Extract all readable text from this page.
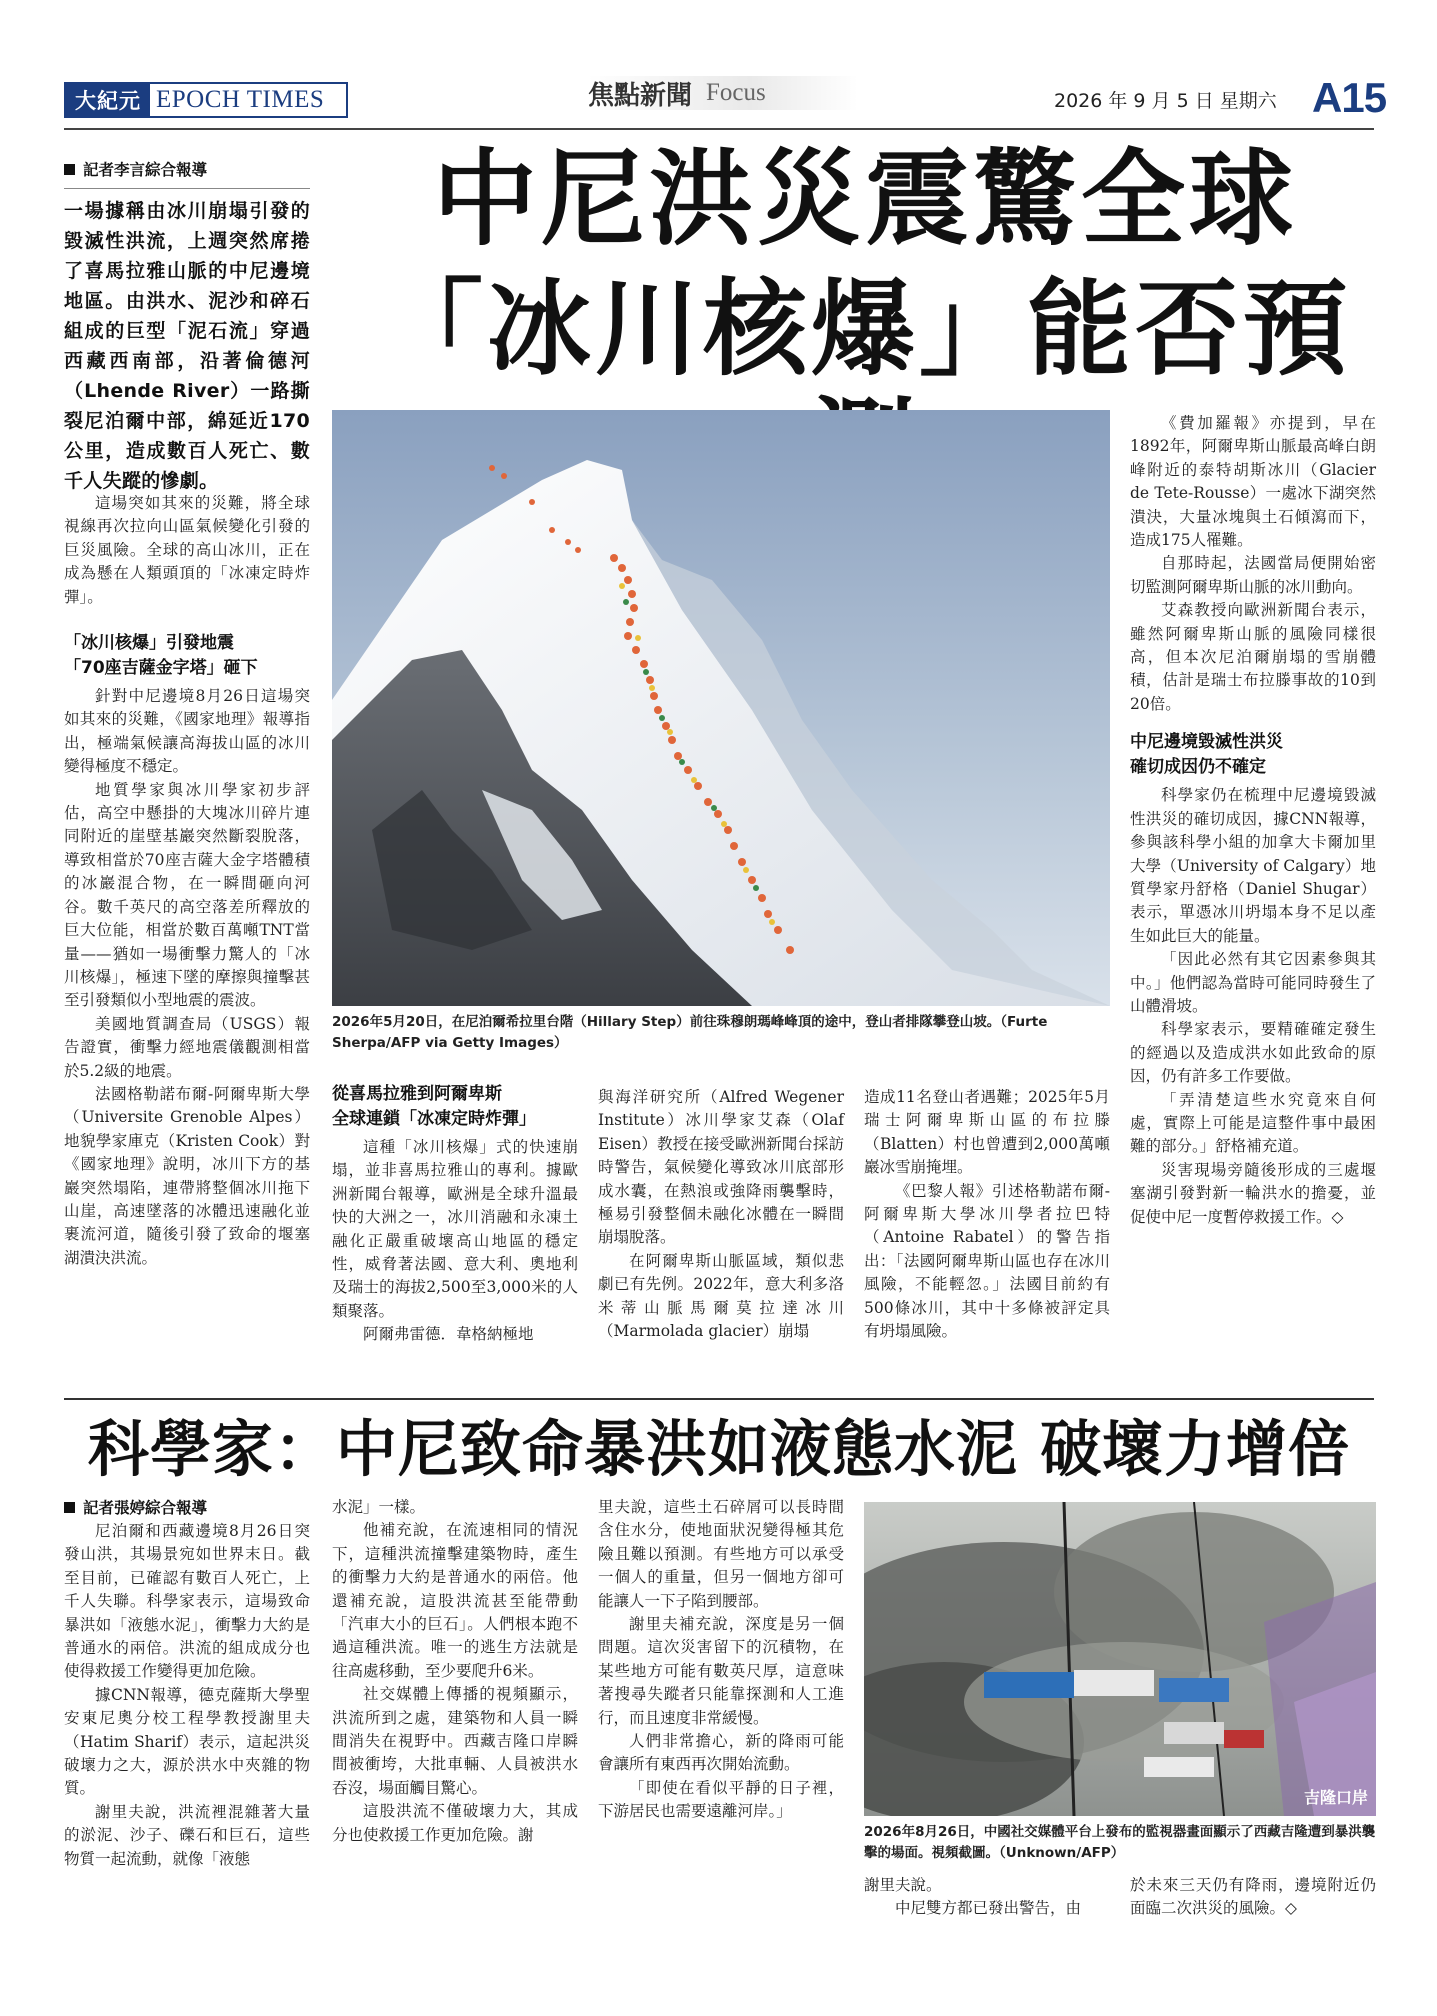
大紀元 EPOCH TIMES	焦點新聞 Focus	2026 年 9 月 5 日 星期六 A15
中尼洪災震驚全球
「冰川核爆」能否預
記者李言綜合報導
一場據稱由冰川崩塌引發的毀滅性洪流，上週突然席捲了喜馬拉雅山脈的中尼邊境地區。由洪水、泥沙和碎石組成的巨型「泥石流」穿過西藏西南部，沿著倫德河（Lhende River）一路撕裂尼泊爾中部，綿延近170公里，造成數百人死亡、數千人失蹤的慘劇。

這場突如其來的災難，將全球視線再次拉向山區氣候變化引發的巨災風險。全球的高山冰川，正在成為懸在人類頭頂的「冰凍定時炸彈」。

「冰川核爆」引發地震
「70座吉薩金字塔」砸下

針對中尼邊境8月26日這場突如其來的災難，《國家地理》報導指出，極端氣候讓高海拔山區的冰川變得極度不穩定。

地質學家與冰川學家初步評估，高空中懸掛的大塊冰川碎片連同附近的崖壁基巖突然斷裂脫落，導致相當於70座吉薩大金字塔體積的冰巖混合物，在一瞬間砸向河谷。數千英尺的高空落差所釋放的巨大位能，相當於數百萬噸TNT當量——猶如一場衝擊力驚人的「冰川核爆」，極速下墜的摩擦與撞擊甚至引發類似小型地震的震波。

美國地質調查局（USGS）報告證實，衝擊力經地震儀觀測相當於5.2級的地震。

法國格勒諾布爾-阿爾卑斯大學（Universite Grenoble Alpes）地貌學家庫克（Kristen Cook）對《國家地理》說明，冰川下方的基巖突然塌陷，連帶將整個冰川拖下山崖，高速墜落的冰體迅速融化並裹流河道，隨後引發了致命的堰塞湖潰決洪流。

2026年5月20日，在尼泊爾希拉里台階（Hillary Step）前往珠穆朗瑪峰峰頂的途中，登山者排隊攀登山坡。（Furte Sherpa/AFP via Getty Images）
從喜馬拉雅到阿爾卑斯
全球連鎖「冰凍定時炸彈」

這種「冰川核爆」式的快速崩塌，並非喜馬拉雅山的專利。據歐洲新聞台報導，歐洲是全球升溫最快的大洲之一，冰川消融和永凍土融化正嚴重破壞高山地區的穩定性，威脅著法國、意大利、奧地利及瑞士的海拔2,500至3,000米的人類聚落。

阿爾弗雷德．韋格納極地

與海洋研究所（Alfred Wegener Institute）冰川學家艾森（Olaf Eisen）教授在接受歐洲新聞台採訪時警告，氣候變化導致冰川底部形成水囊，在熱浪或強降雨襲擊時，極易引發整個未融化冰體在一瞬間崩塌脫落。

在阿爾卑斯山脈區域，類似悲劇已有先例。2022年，意大利多洛米蒂山脈馬爾莫拉達冰川（Marmolada glacier）崩塌

造成11名登山者遇難；2025年5月瑞士阿爾卑斯山區的布拉滕（Blatten）村也曾遭到2,000萬噸巖冰雪崩掩埋。

《巴黎人報》引述格勒諾布爾-阿爾卑斯大學冰川學者拉巴特（Antoine Rabatel）的警告指出：「法國阿爾卑斯山區也存在冰川風險，不能輕忽。」法國目前約有500條冰川，其中十多條被評定具有坍塌風險。

《費加羅報》亦提到，早在1892年，阿爾卑斯山脈最高峰白朗峰附近的泰特胡斯冰川（Glacier de Tete-Rousse）一處冰下湖突然潰決，大量冰塊與土石傾瀉而下，造成175人罹難。

自那時起，法國當局便開始密切監測阿爾卑斯山脈的冰川動向。

艾森教授向歐洲新聞台表示，雖然阿爾卑斯山脈的風險同樣很高，但本次尼泊爾崩塌的雪崩體積，估計是瑞士布拉滕事故的10到20倍。

中尼邊境毀滅性洪災
確切成因仍不確定

科學家仍在梳理中尼邊境毀滅性洪災的確切成因，據CNN報導，參與該科學小組的加拿大卡爾加里大學（University of Calgary）地質學家丹舒格（Daniel Shugar）表示，單憑冰川坍塌本身不足以產生如此巨大的能量。

「因此必然有其它因素參與其中。」他們認為當時可能同時發生了山體滑坡。

科學家表示，要精確確定發生的經過以及造成洪水如此致命的原因，仍有許多工作要做。

「弄清楚這些水究竟來自何處，實際上可能是這整件事中最困難的部分。」舒格補充道。

災害現場旁隨後形成的三處堰塞湖引發對新一輪洪水的擔憂，並促使中尼一度暫停救援工作。◇

科學家：中尼致命暴洪如液態水泥 破壞力增倍
記者張婷綜合報導

尼泊爾和西藏邊境8月26日突發山洪，其場景宛如世界末日。截至目前，已確認有數百人死亡，上千人失聯。科學家表示，這場致命暴洪如「液態水泥」，衝擊力大約是普通水的兩倍。洪流的組成成分也使得救援工作變得更加危險。

據CNN報導，德克薩斯大學聖安東尼奧分校工程學教授謝里夫（Hatim Sharif）表示，這起洪災破壞力之大，源於洪水中夾雜的物質。

謝里夫說，洪流裡混雜著大量的淤泥、沙子、礫石和巨石，這些物質一起流動，就像「液態

水泥」一樣。

他補充說，在流速相同的情況下，這種洪流撞擊建築物時，產生的衝擊力大約是普通水的兩倍。他還補充說，這股洪流甚至能帶動「汽車大小的巨石」。人們根本跑不過這種洪流。唯一的逃生方法就是往高處移動，至少要爬升6米。

社交媒體上傳播的視頻顯示，洪流所到之處，建築物和人員一瞬間消失在視野中。西藏吉隆口岸瞬間被衝垮，大批車輛、人員被洪水吞沒，場面觸目驚心。

這股洪流不僅破壞力大，其成分也使救援工作更加危險。謝

里夫說，這些土石碎屑可以長時間含住水分，使地面狀況變得極其危險且難以預測。有些地方可以承受一個人的重量，但另一個地方卻可能讓人一下子陷到腰部。

謝里夫補充說，深度是另一個問題。這次災害留下的沉積物，在某些地方可能有數英尺厚，這意味著搜尋失蹤者只能靠探測和人工進行，而且速度非常緩慢。

人們非常擔心，新的降雨可能會讓所有東西再次開始流動。

「即使在看似平靜的日子裡，下游居民也需要遠離河岸。」

吉隆口岸
2026年8月26日，中國社交媒體平台上發布的監視器畫面顯示了西藏吉隆遭到暴洪襲擊的場面。視頻截圖。（Unknown/AFP）

謝里夫說。

中尼雙方都已發出警告，由

於未來三天仍有降雨，邊境附近仍面臨二次洪災的風險。◇
